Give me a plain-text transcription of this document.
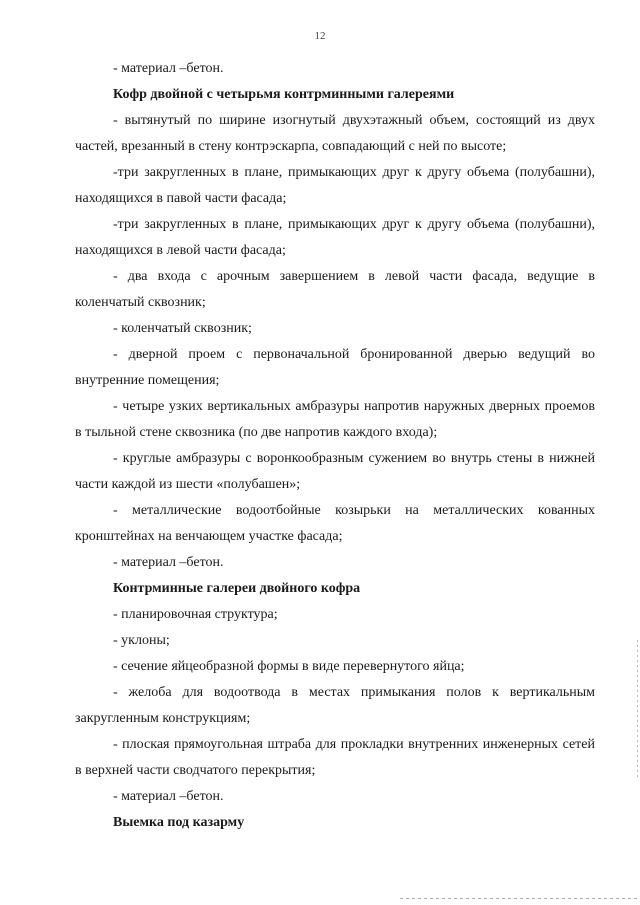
12

- материал –бетон.

Кофр двойной с четырьмя контрминными галереями

- вытянутый по ширине изогнутый двухэтажный объем, состоящий из двух частей, врезанный в стену контрэскарпа, совпадающий с ней по высоте;

-три закругленных в плане, примыкающих друг к другу объема (полубашни), находящихся в павой части фасада;

-три закругленных в плане, примыкающих друг к другу объема (полубашни), находящихся в левой части фасада;

- два входа с арочным завершением в левой части фасада, ведущие в коленчатый сквозник;

- коленчатый сквозник;

- дверной проем с первоначальной бронированной дверью ведущий во внутренние помещения;

- четыре узких вертикальных амбразуры напротив наружных дверных проемов в тыльной стене сквозника (по две напротив каждого входа);

- круглые амбразуры с воронкообразным сужением во внутрь стены в нижней части каждой из шести «полубашен»;

- металлические водоотбойные козырьки на металлических кованных кронштейнах на венчающем участке фасада;

- материал –бетон.

Контрминные галереи двойного кофра

- планировочная структура;

- уклоны;

- сечение яйцеобразной формы в виде перевернутого яйца;

- желоба для водоотвода в местах примыкания полов к вертикальным закругленным конструкциям;

- плоская прямоугольная штраба для прокладки внутренних инженерных сетей в верхней части сводчатого перекрытия;

- материал –бетон.

Выемка под казарму
